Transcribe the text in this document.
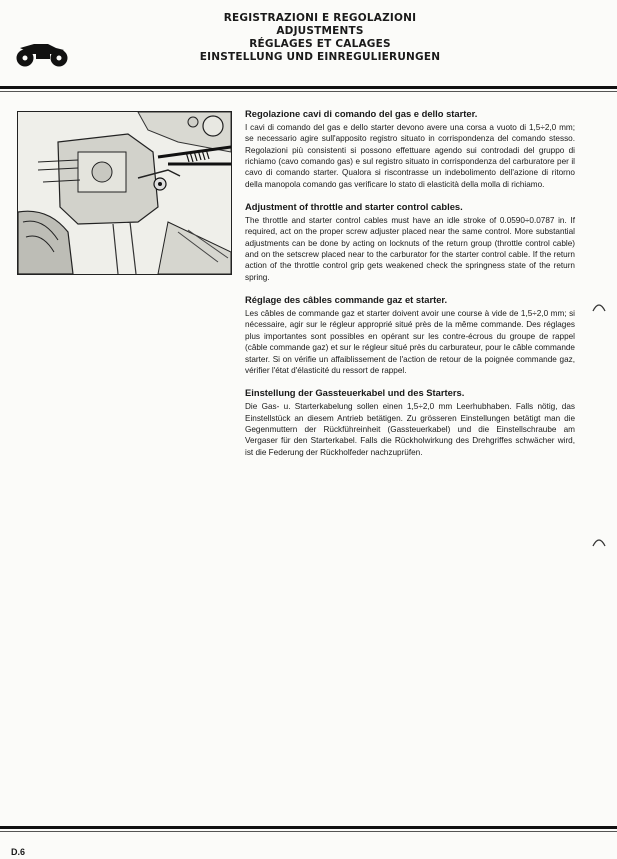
REGISTRAZIONI E REGOLAZIONI
ADJUSTMENTS
RÉGLAGES ET CALAGES
EINSTELLUNG UND EINREGULIERUNGEN
Regolazione cavi di comando del gas e dello starter.

I cavi di comando del gas e dello starter devono avere una corsa a vuoto di 1,5÷2,0 mm; se necessario agire sull'apposito registro situato in corrispondenza del comando stesso. Regolazioni più consistenti si possono effettuare agendo sui controdadi del gruppo di richiamo (cavo comando gas) e sul registro situato in corrispondenza del carburatore per il cavo di comando starter. Qualora si riscontrasse un indebolimento dell'azione di ritorno della manopola comando gas verificare lo stato di elasticità della molla di richiamo.

Adjustment of throttle and starter control cables.

The throttle and starter control cables must have an idle stroke of 0.0590÷0.0787 in. If required, act on the proper screw adjuster placed near the same control. More substantial adjustments can be done by acting on locknuts of the return group (throttle control cable) and on the setscrew placed near to the carburator for the starter control cable. If the return action of the throttle control grip gets weakened check the springness state of the return spring.

Réglage des câbles commande gaz et starter.

Les câbles de commande gaz et starter doivent avoir une course à vide de 1,5÷2,0 mm; si nécessaire, agir sur le régleur approprié situé près de la même commande. Des réglages plus importantes sont possibles en opérant sur les contre-écrous du groupe de rappel (câble commande gaz) et sur le régleur situé près du carburateur, pour le câble commande starter. Si on vérifie un affaiblissement de l'action de retour de la poignée commande gaz, vérifier l'état d'élasticité du ressort de rappel.

Einstellung der Gassteuerkabel und des Starters.

Die Gas- u. Starterkabelung sollen einen 1,5÷2,0 mm Leerhubhaben. Falls nötig, das Einstellstück an diesem Antrieb betätigen. Zu grösseren Einstellungen betätigt man die Gegenmuttern der Rückführeinheit (Gassteuerkabel) und die Einstellschraube am Vergaser für den Starterkabel. Falls die Rückholwirkung des Drehgriffes schwächer wird, ist die Federung der Rückholfeder nachzuprüfen.

D.6
